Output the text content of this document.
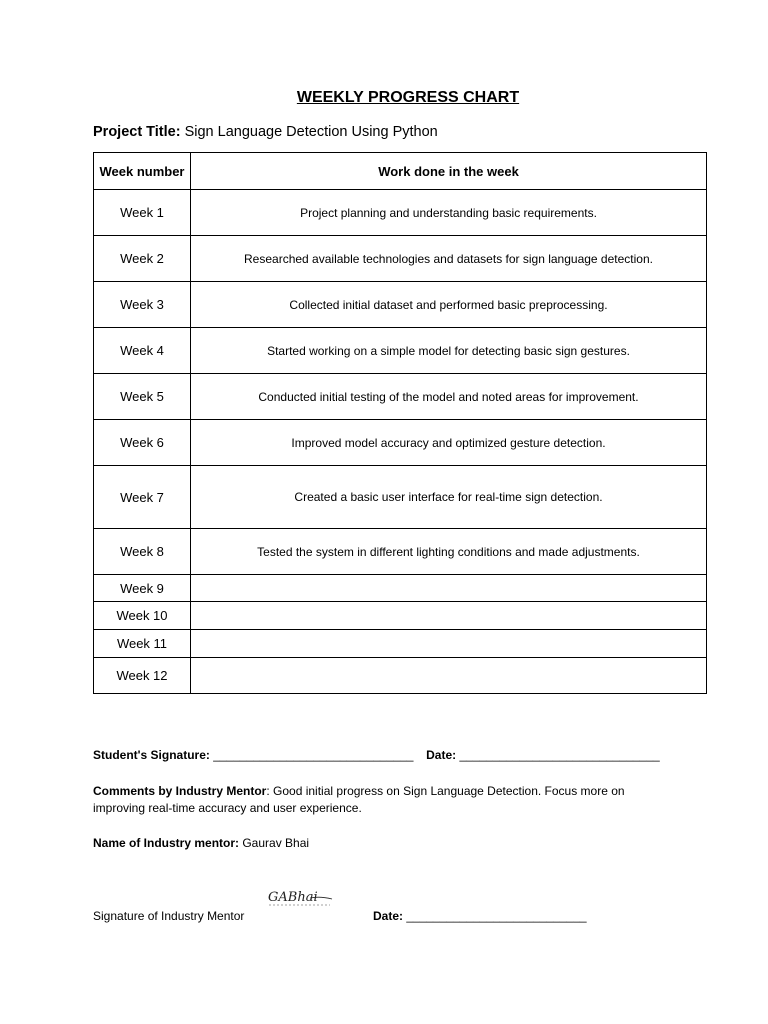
WEEKLY PROGRESS CHART
Project Title: Sign Language Detection Using Python
Week number	Work done in the week
Week 1	Project planning and understanding basic requirements.
Week 2	Researched available technologies and datasets for sign language detection.
Week 3	Collected initial dataset and performed basic preprocessing.
Week 4	Started working on a simple model for detecting basic sign gestures.
Week 5	Conducted initial testing of the model and noted areas for improvement.
Week 6	Improved model accuracy and optimized gesture detection.
Week 7	Created a basic user interface for real-time sign detection.
Week 8	Tested the system in different lighting conditions and made adjustments.
Week 9	
Week 10	
Week 11	
Week 12	
Student's Signature: ______________________________ Date: ______________________________
Comments by Industry Mentor: Good initial progress on Sign Language Detection. Focus more on improving real-time accuracy and user experience.
Name of Industry mentor: Gaurav Bhai
GABhai
Signature of Industry Mentor	Date: ___________________________
